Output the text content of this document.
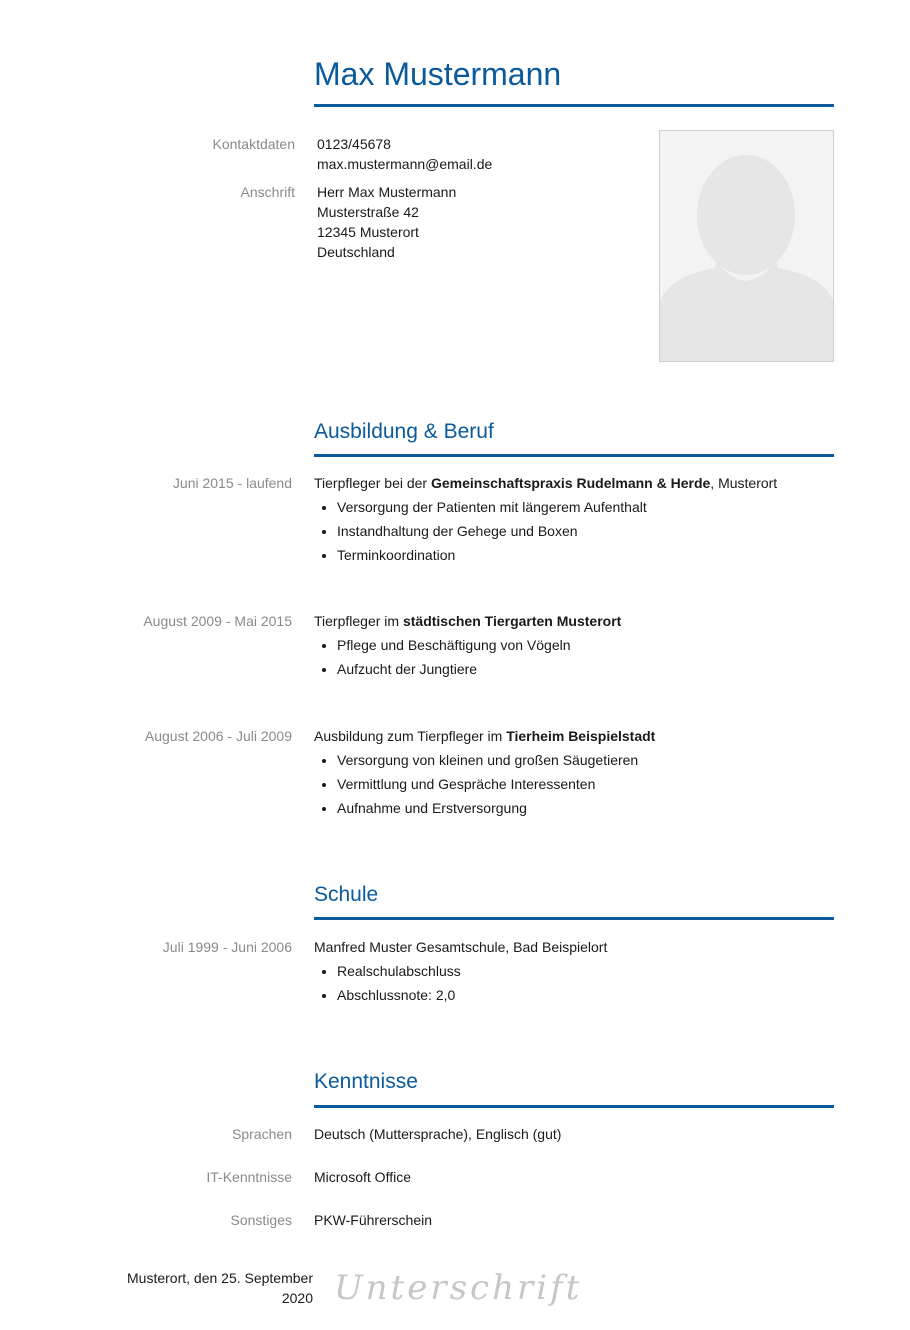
Max Mustermann
Kontaktdaten 0123/45678
max.mustermann@email.de
Anschrift Herr Max Mustermann
Musterstraße 42
12345 Musterort
Deutschland
Ausbildung & Beruf
Juni 2015 - laufend Tierpfleger bei der Gemeinschaftspraxis Rudelmann & Herde, Musterort
• Versorgung der Patienten mit längerem Aufenthalt
• Instandhaltung der Gehege und Boxen
• Terminkoordination
August 2009 - Mai 2015 Tierpfleger im städtischen Tiergarten Musterort
• Pflege und Beschäftigung von Vögeln
• Aufzucht der Jungtiere
August 2006 - Juli 2009 Ausbildung zum Tierpfleger im Tierheim Beispielstadt
• Versorgung von kleinen und großen Säugetieren
• Vermittlung und Gespräche Interessenten
• Aufnahme und Erstversorgung
Schule
Juli 1999 - Juni 2006 Manfred Muster Gesamtschule, Bad Beispielort
• Realschulabschluss
• Abschlussnote: 2,0
Kenntnisse
Sprachen Deutsch (Muttersprache), Englisch (gut)
IT-Kenntnisse Microsoft Office
Sonstiges PKW-Führerschein
Musterort, den 25. September
2020 Unterschrift
